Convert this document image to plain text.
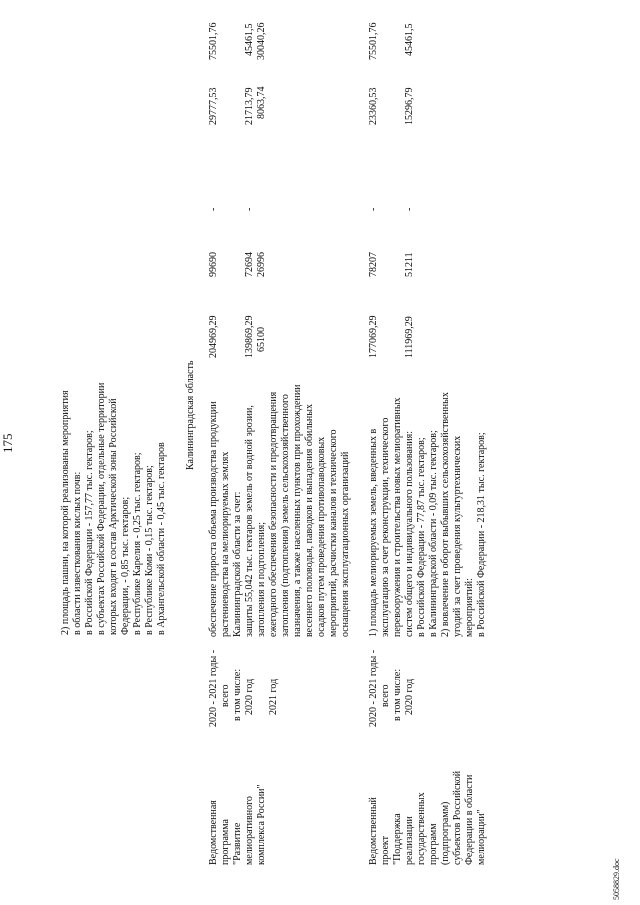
175	2) площадь пашни, на которой реализованы мероприятия в области известкования кислых почв: в Российской Федерации - 157,77 тыс. гектаров; в субъектах Российской Федерации, отдельные территории которых входят в состав Арктической зоны Российской Федерации, - 0,85 тыс. гектаров; в Республике Карелия - 0,25 тыс. гектаров; в Республике Коми - 0,15 тыс. гектаров; в Архангельской области - 0,45 тыс. гектаров
Калининградская область
Ведомственная программа "Развитие мелиоративного комплекса России"
2020 - 2021 годы - всего в том числе: 2020 год 2021 год
обеспечение прироста объема производства продукции растениеводства на мелиорируемых землях Калининградской области за счет: защиты 55,042 тыс. гектаров земель от водной эрозии, затопления и подтопления; ежегодного обеспечения безопасности и предотвращения затопления (подтопления) земель сельскохозяйственного назначения, а также населенных пунктов при прохождении весеннего половодья, паводков и выпадения обильных осадков путем проведения противопаводковых мероприятий, расчистки каналов и технического оснащения эксплуатационных организаций
204969,29
99690
-
29777,53
75501,76
139869,29
72694
-
21713,79
45461,5
65100
26996
8063,74
30040,26
Ведомственный проект "Поддержка реализации государственных программ (подпрограмм) субъектов Российской Федерации в области мелиорации"
2020 - 2021 годы - всего в том числе: 2020 год
1) площадь мелиорируемых земель, введенных в эксплуатацию за счет реконструкции, технического перевооружения и строительства новых мелиоративных систем общего и индивидуального пользования: в Российской Федерации - 77,87 тыс. гектаров; в Калининградской области - 0,09 тыс. гектаров; 2) вовлечение в оборот выбывших сельскохозяйственных угодий за счет проведения культуртехнических мероприятий: в Российской Федерации - 218,31 тыс. гектаров;
177069,29
78207
-
23360,53
75501,76
111969,29
51211
-
15296,79
45461,5
5058829.doc
